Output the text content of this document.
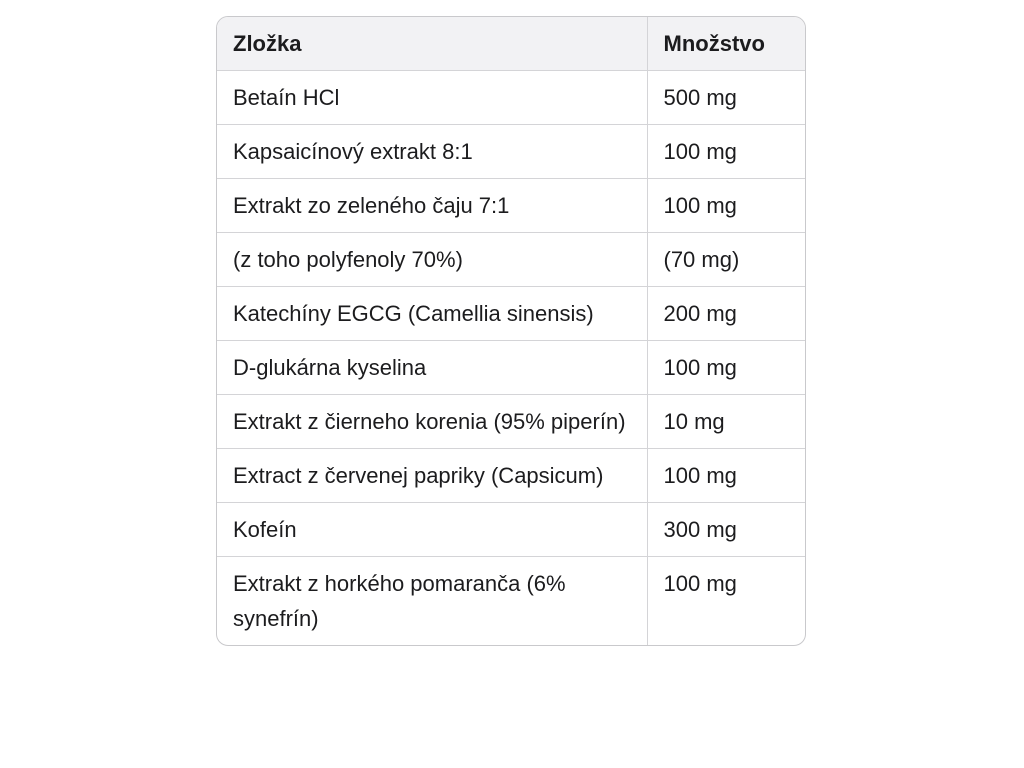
Zložka	Množstvo
Betaín HCl	500 mg
Kapsaicínový extrakt 8:1	100 mg
Extrakt zo zeleného čaju 7:1	100 mg
(z toho polyfenoly 70%)	(70 mg)
Katechíny EGCG (Camellia sinensis)	200 mg
D-glukárna kyselina	100 mg
Extrakt z čierneho korenia (95% piperín)	10 mg
Extract z červenej papriky (Capsicum)	100 mg
Kofeín	300 mg
Extrakt z horkého pomaranča (6% synefrín)	100 mg
